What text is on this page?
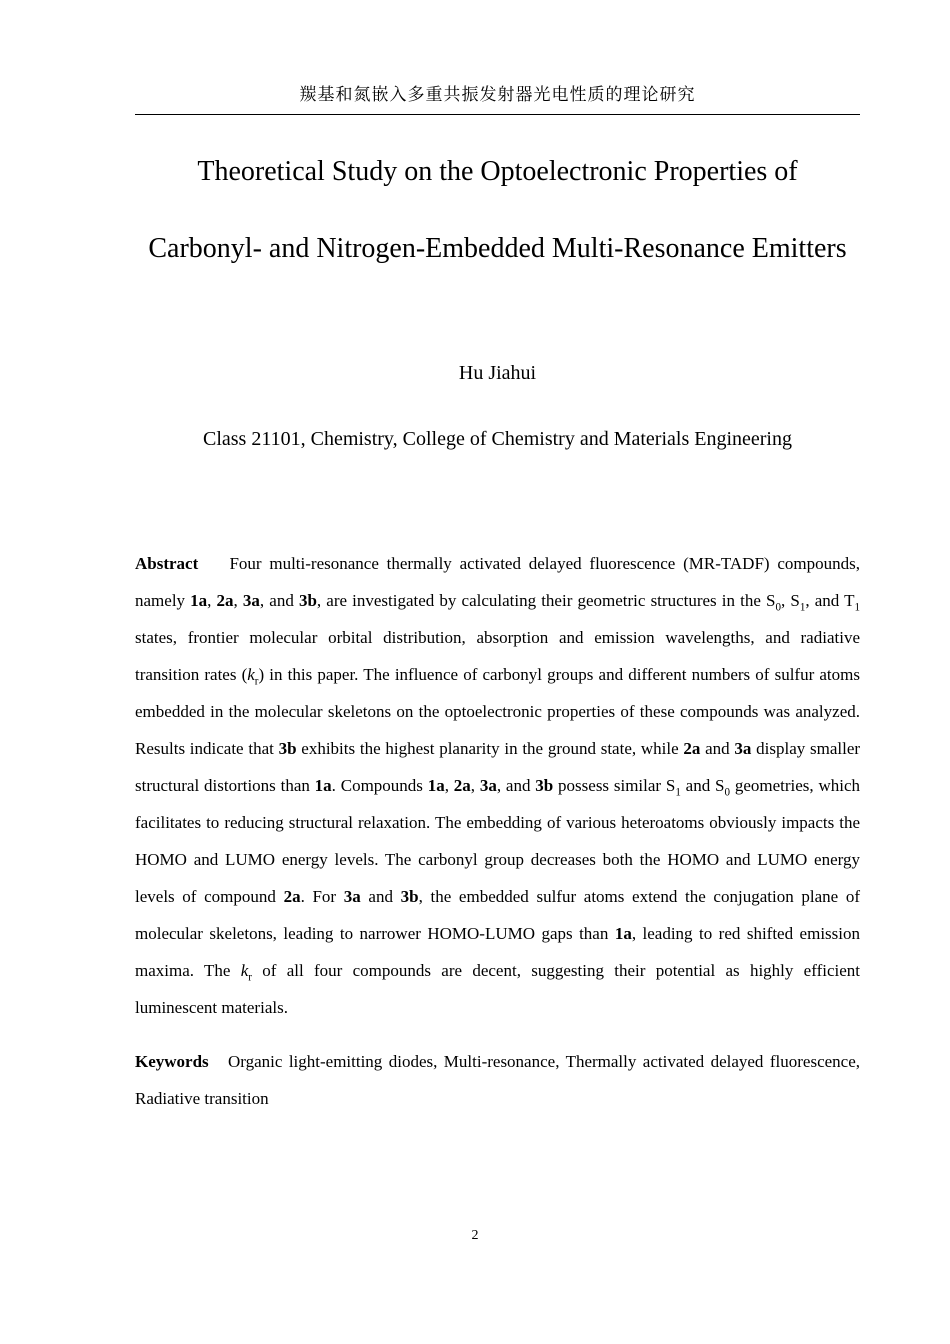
羰基和氮嵌入多重共振发射器光电性质的理论研究

Theoretical Study on the Optoelectronic Properties of

Carbonyl- and Nitrogen-Embedded Multi-Resonance Emitters

Hu Jiahui
Class 21101, Chemistry, College of Chemistry and Materials Engineering

Abstract    Four multi-resonance thermally activated delayed fluorescence (MR-TADF) compounds, namely 1a, 2a, 3a, and 3b, are investigated by calculating their geometric structures in the $S_0$, $S_1$, and $T_1$ states, frontier molecular orbital distribution, absorption and emission wavelengths, and radiative transition rates $(k_r)$ in this paper. The influence of carbonyl groups and different numbers of sulfur atoms embedded in the molecular skeletons on the optoelectronic properties of these compounds was analyzed. Results indicate that 3b exhibits the highest planarity in the ground state, while 2a and 3a display smaller structural distortions than 1a. Compounds 1a, 2a, 3a, and 3b possess similar $S_1$ and $S_0$ geometries, which facilitates to reducing structural relaxation. The embedding of various heteroatoms obviously impacts the HOMO and LUMO energy levels. The carbonyl group decreases both the HOMO and LUMO energy levels of compound 2a. For 3a and 3b, the embedded sulfur atoms extend the conjugation plane of molecular skeletons, leading to narrower HOMO-LUMO gaps than 1a, leading to red shifted emission maxima. The $k_r$ of all four compounds are decent, suggesting their potential as highly efficient luminescent materials.

Keywords   Organic light-emitting diodes, Multi-resonance, Thermally activated delayed fluorescence, Radiative transition

2
